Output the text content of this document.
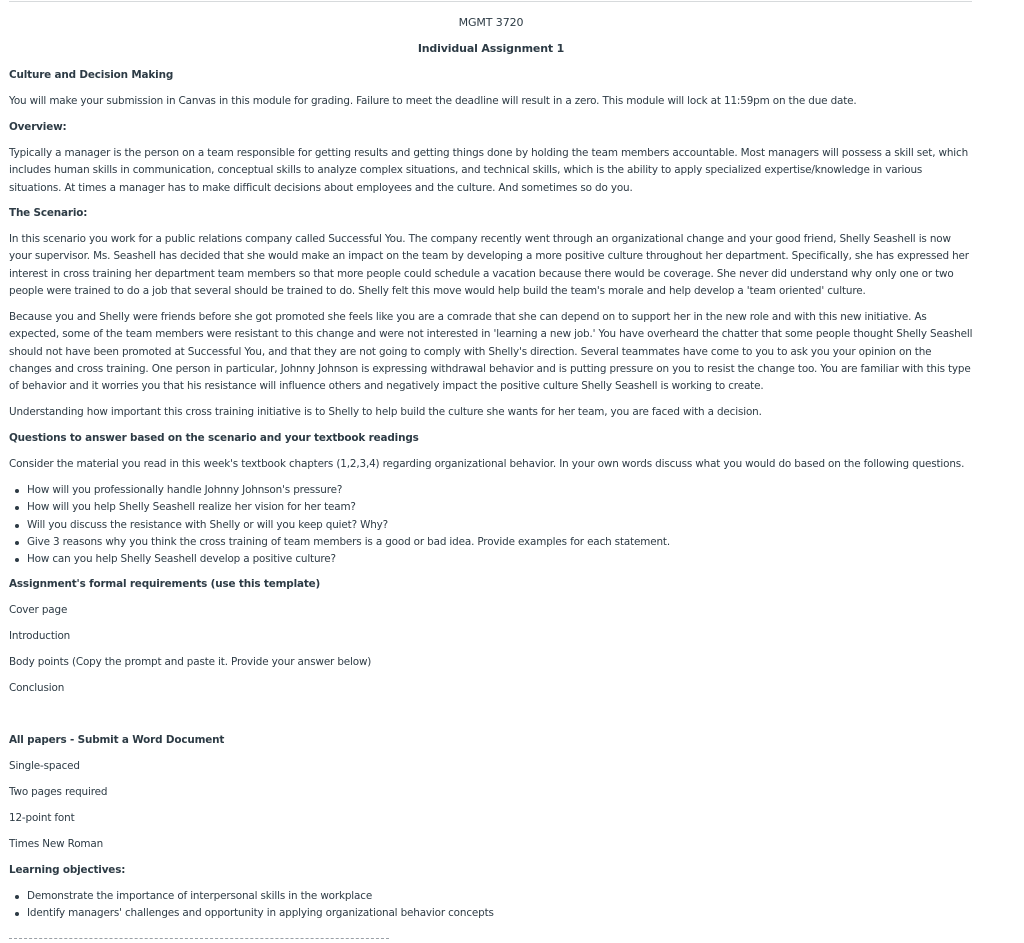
MGMT 3720

Individual Assignment 1

Culture and Decision Making

You will make your submission in Canvas in this module for grading. Failure to meet the deadline will result in a zero. This module will lock at 11:59pm on the due date.

Overview:

Typically a manager is the person on a team responsible for getting results and getting things done by holding the team members accountable. Most managers will possess a skill set, which includes human skills in communication, conceptual skills to analyze complex situations, and technical skills, which is the ability to apply specialized expertise/knowledge in various situations. At times a manager has to make difficult decisions about employees and the culture. And sometimes so do you.

The Scenario:

In this scenario you work for a public relations company called Successful You. The company recently went through an organizational change and your good friend, Shelly Seashell is now your supervisor. Ms. Seashell has decided that she would make an impact on the team by developing a more positive culture throughout her department. Specifically, she has expressed her interest in cross training her department team members so that more people could schedule a vacation because there would be coverage. She never did understand why only one or two people were trained to do a job that several should be trained to do. Shelly felt this move would help build the team's morale and help develop a 'team oriented' culture.

Because you and Shelly were friends before she got promoted she feels like you are a comrade that she can depend on to support her in the new role and with this new initiative. As expected, some of the team members were resistant to this change and were not interested in 'learning a new job.' You have overheard the chatter that some people thought Shelly Seashell should not have been promoted at Successful You, and that they are not going to comply with Shelly's direction. Several teammates have come to you to ask you your opinion on the changes and cross training. One person in particular, Johnny Johnson is expressing withdrawal behavior and is putting pressure on you to resist the change too. You are familiar with this type of behavior and it worries you that his resistance will influence others and negatively impact the positive culture Shelly Seashell is working to create.

Understanding how important this cross training initiative is to Shelly to help build the culture she wants for her team, you are faced with a decision.

Questions to answer based on the scenario and your textbook readings

Consider the material you read in this week's textbook chapters (1,2,3,4) regarding organizational behavior. In your own words discuss what you would do based on the following questions.

How will you professionally handle Johnny Johnson's pressure?
How will you help Shelly Seashell realize her vision for her team?
Will you discuss the resistance with Shelly or will you keep quiet? Why?
Give 3 reasons why you think the cross training of team members is a good or bad idea. Provide examples for each statement.
How can you help Shelly Seashell develop a positive culture?

Assignment's formal requirements (use this template)

Cover page

Introduction

Body points (Copy the prompt and paste it. Provide your answer below)

Conclusion

All papers - Submit a Word Document

Single-spaced

Two pages required

12-point font

Times New Roman

Learning objectives:

Demonstrate the importance of interpersonal skills in the workplace
Identify managers' challenges and opportunity in applying organizational behavior concepts
